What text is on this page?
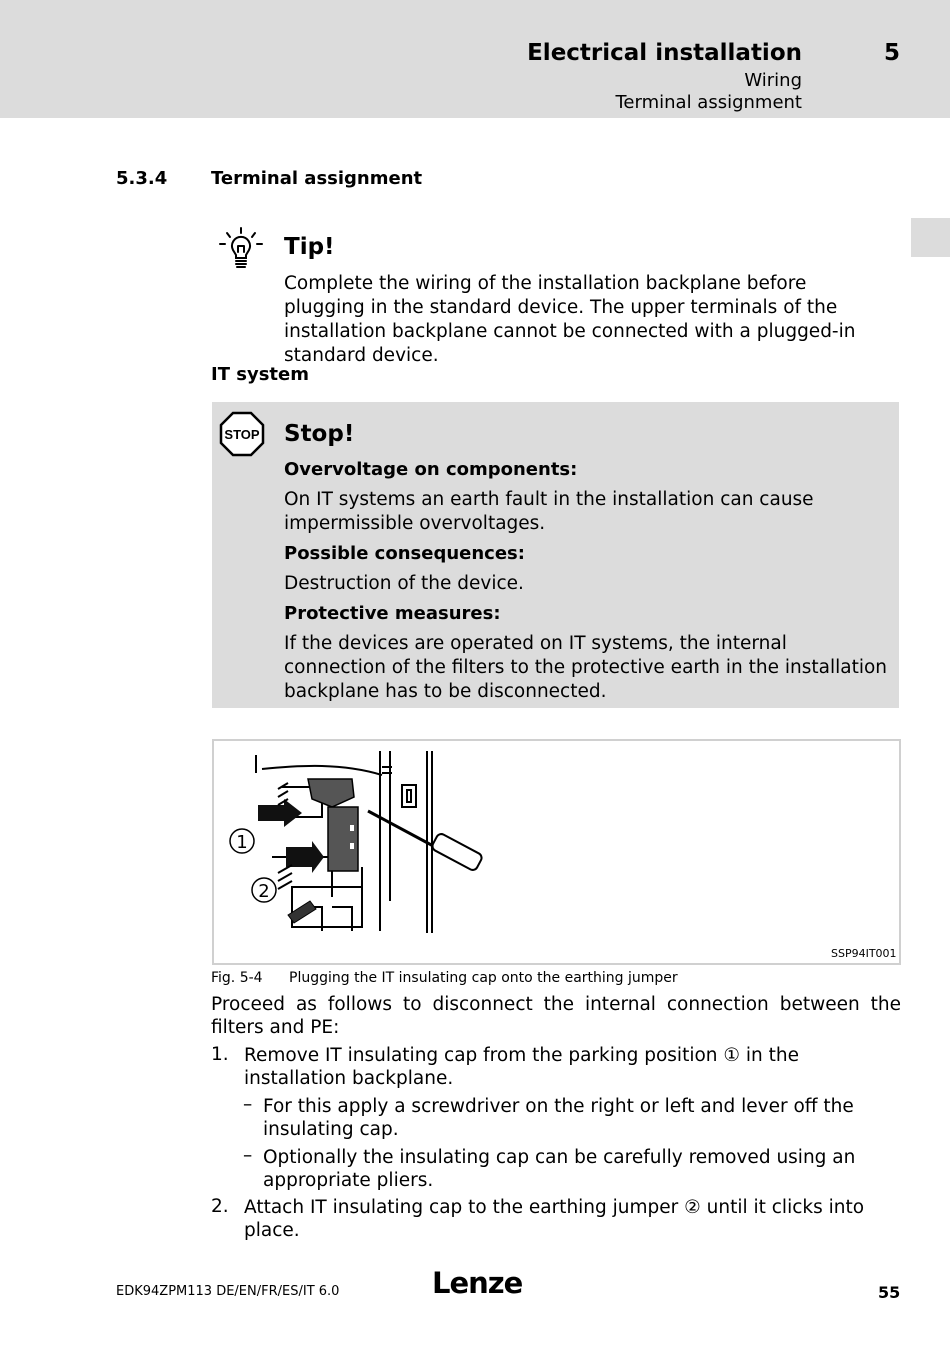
Electrical installation	5
Wiring
Terminal assignment
5.3.4 Terminal assignment
Tip!
Complete the wiring of the installation backplane before plugging in the standard device. The upper terminals of the installation backplane cannot be connected with a plugged-in standard device.
IT system
STOP Stop!
Overvoltage on components:
On IT systems an earth fault in the installation can cause impermissible overvoltages.
Possible consequences:
Destruction of the device.
Protective measures:
If the devices are operated on IT systems, the internal connection of the filters to the protective earth in the installation backplane has to be disconnected.
1
2
SSP94IT001
Fig. 5-4 Plugging the IT insulating cap onto the earthing jumper
Proceed as follows to disconnect the internal connection between the filters and PE:
1. Remove IT insulating cap from the parking position ① in the installation backplane.
– For this apply a screwdriver on the right or left and lever off the insulating cap.
– Optionally the insulating cap can be carefully removed using an appropriate pliers.
2. Attach IT insulating cap to the earthing jumper ② until it clicks into place.
EDK94ZPM113 DE/EN/FR/ES/IT 6.0	Lenze	55
